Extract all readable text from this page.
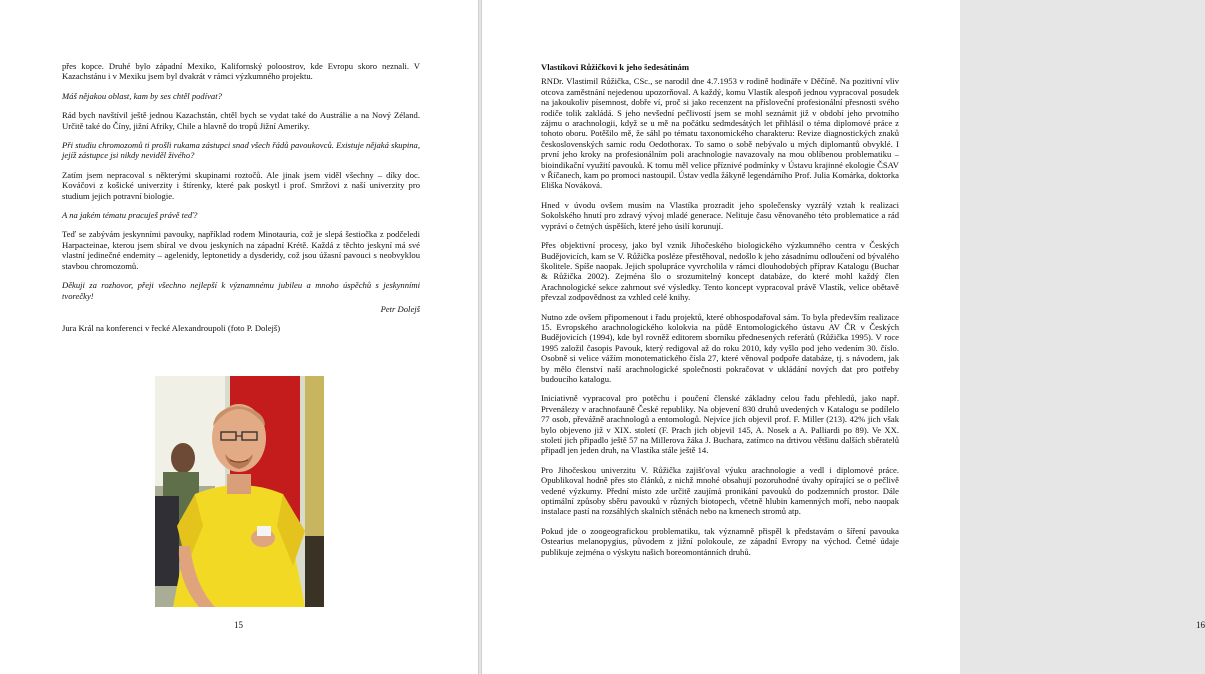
přes kopce. Druhé bylo západní Mexiko, Kalifornský poloostrov, kde Evropu skoro neznali. V Kazachstánu i v Mexiku jsem byl dvakrát v rámci výzkumného projektu.

Máš nějakou oblast, kam by ses chtěl podívat?

Rád bych navštívil ještě jednou Kazachstán, chtěl bych se vydat také do Austrálie a na Nový Zéland. Určitě také do Číny, jižní Afriky, Chile a hlavně do tropů Jižní Ameriky.

Při studiu chromozomů ti prošli rukama zástupci snad všech řádů pavoukovců. Existuje nějaká skupina, jejíž zástupce jsi nikdy neviděl živého?

Zatím jsem nepracoval s některými skupinami roztočů. Ale jinak jsem viděl všechny – díky doc. Kováčovi z košické univerzity i štírenky, které pak poskytl i prof. Smržovi z naší univerzity pro studium jejich potravní biologie.

A na jakém tématu pracuješ právě teď?

Teď se zabývám jeskynními pavouky, například rodem Minotauria, což je slepá šestiočka z podčeledi Harpacteinae, kterou jsem sbíral ve dvou jeskyních na západní Krétě. Každá z těchto jeskyní má své vlastní jedinečné endemity – agelenidy, leptonetidy a dysderidy, což jsou úžasní pavouci s neobvyklou stavbou chromozomů.

Děkuji za rozhovor, přeji všechno nejlepší k významnému jubileu a mnoho úspěchů s jeskynními tvorečky!

Petr Dolejš

Jura Král na konferenci v řecké Alexandroupoli (foto P. Dolejš)

15	16

Vlastíkovi Růžičkovi k jeho šedesátinám

RNDr. Vlastimil Růžička, CSc., se narodil dne 4.7.1953 v rodině hodináře v Děčíně. Na pozitivní vliv otcova zaměstnání nejedenou upozorňoval. A každý, komu Vlastík alespoň jednou vypracoval posudek na jakoukoliv písemnost, dobře ví, proč si jako recenzent na přísloveční profesionální přesnosti svého rodiče tolik zakládá. S jeho nevšední pečlivostí jsem se mohl seznámit již v období jeho prvotního zájmu o arachnologii, když se u mě na počátku sedmdesátých let přihlásil o téma diplomové práce z tohoto oboru. Potěšilo mě, že sáhl po tématu taxonomického charakteru: Revize diagnostických znaků československých samic rodu Oedothorax. To samo o sobě nebývalo u mých diplomantů obvyklé. I první jeho kroky na profesionálním poli arachnologie navazovaly na mou oblíbenou problematiku – bioindikační využití pavouků. K tomu měl velice příznivé podmínky v Ústavu krajinné ekologie ČSAV v Říčanech, kam po promoci nastoupil. Ústav vedla žákyně legendárního Prof. Julia Komárka, doktorka Eliška Nováková.

Hned v úvodu ovšem musím na Vlastíka prozradit jeho společensky vyzrálý vztah k realizaci Sokolského hnutí pro zdravý vývoj mladé generace. Nelituje času věnovaného této problematice a rád vypráví o četných úspěších, které jeho úsilí korunují.

Přes objektivní procesy, jako byl vznik Jihočeského biologického výzkumného centra v Českých Budějovicích, kam se V. Růžička posléze přestěhoval, nedošlo k jeho zásadnímu odloučení od bývalého školitele. Spíše naopak. Jejich spolupráce vyvrcholila v rámci dlouhodobých příprav Katalogu (Buchar & Růžička 2002). Zejména šlo o srozumitelný koncept databáze, do které mohl každý člen Arachnologické sekce zahrnout své výsledky. Tento koncept vypracoval právě Vlastík, velice obětavě převzal zodpovědnost za vzhled celé knihy.

Nutno zde ovšem připomenout i řadu projektů, které obhospodařoval sám. To byla především realizace 15. Evropského arachnologického kolokvia na půdě Entomologického ústavu AV ČR v Českých Budějovicích (1994), kde byl rovněž editorem sborníku přednesených referátů (Růžička 1995). V roce 1995 založil časopis Pavouk, který redigoval až do roku 2010, kdy vyšlo pod jeho vedením 30. číslo. Osobně si velice vážím monotematického čísla 27, které věnoval podpoře databáze, tj. s návodem, jak by mělo členství naší arachnologické společnosti pokračovat v ukládání nových dat pro potřeby budoucího katalogu.

Iniciativně vypracoval pro potěchu i poučení členské základny celou řadu přehledů, jako např. Prvenálezy v arachnofauně České republiky. Na objevení 830 druhů uvedených v Katalogu se podílelo 77 osob, převážně arachnologů a entomologů. Nejvíce jich objevil prof. F. Miller (213). 42% jich však bylo objeveno již v XIX. století (F. Prach jich objevil 145, A. Nosek a A. Palliardi po 89). Ve XX. století jich připadlo ještě 57 na Millerova žáka J. Buchara, zatímco na drtivou většinu dalších sběratelů připadl jen jeden druh, na Vlastíka stále ještě 14.

Pro Jihočeskou univerzitu V. Růžička zajišťoval výuku arachnologie a vedl i diplomové práce. Opublikoval hodně přes sto článků, z nichž mnohé obsahují pozoruhodné úvahy opírající se o pečlivě vedené výzkumy. Přední místo zde určitě zaujímá pronikání pavouků do podzemních prostor. Dále optimální způsoby sběru pavouků v různých biotopech, včetně hlubin kamenných moří, nebo naopak instalace pastí na rozsáhlých skalních stěnách nebo na kmenech stromů atp.

Pokud jde o zoogeografickou problematiku, tak významně přispěl k představám o šíření pavouka Ostearius melanopygius, původem z jižní polokoule, ze západní Evropy na východ. Četné údaje publikuje zejména o výskytu našich boreomontánních druhů.
